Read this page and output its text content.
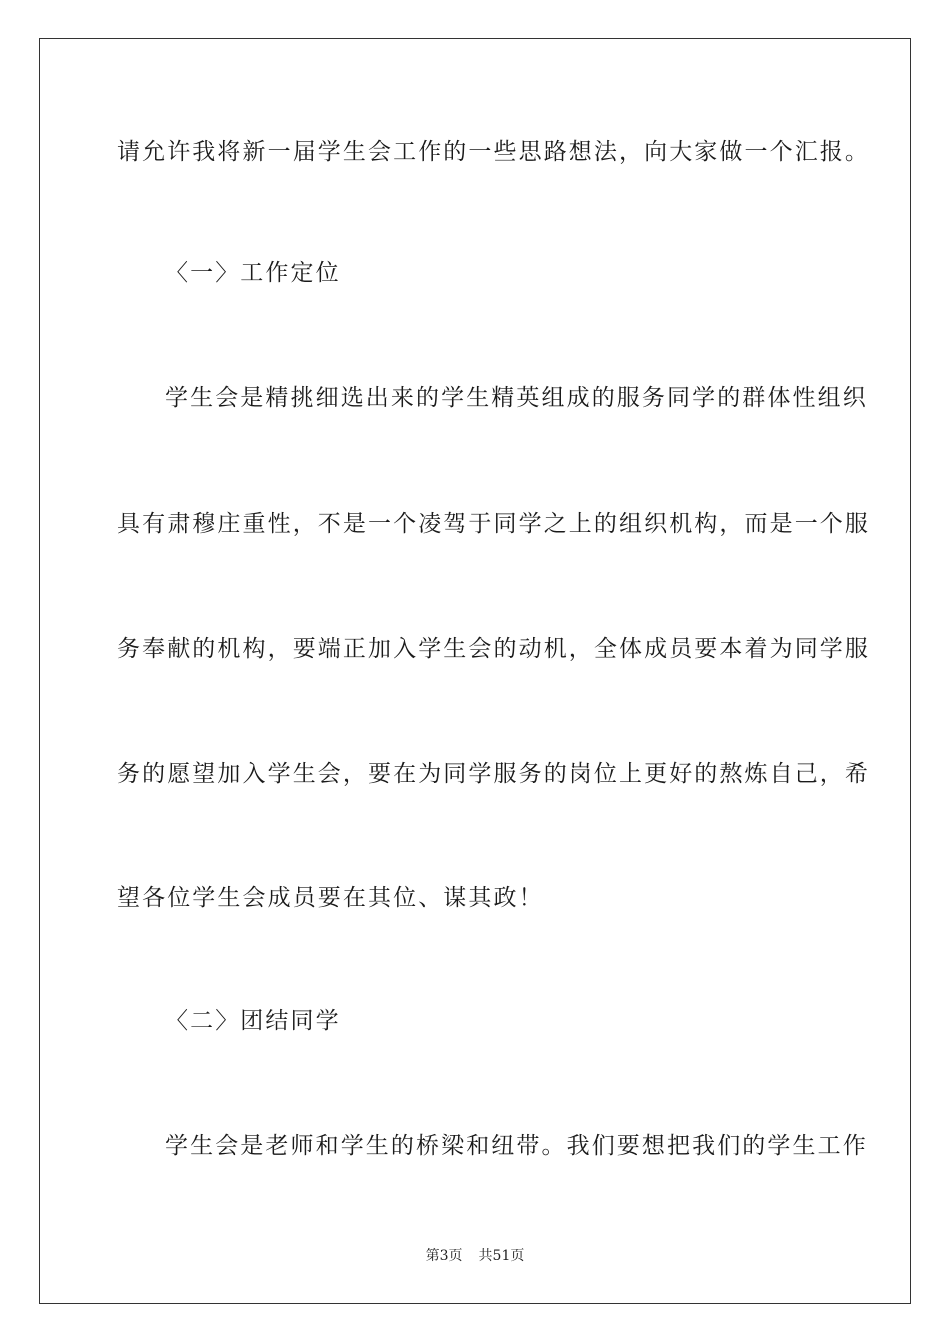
请允许我将新一届学生会工作的一些思路想法，向大家做一个汇报。
〈一〉工作定位
学生会是精挑细选出来的学生精英组成的服务同学的群体性组织
具有肃穆庄重性，不是一个凌驾于同学之上的组织机构，而是一个服
务奉献的机构，要端正加入学生会的动机，全体成员要本着为同学服
务的愿望加入学生会，要在为同学服务的岗位上更好的熬炼自己，希
望各位学生会成员要在其位、谋其政！
〈二〉团结同学
学生会是老师和学生的桥梁和纽带。我们要想把我们的学生工作
第3页 共51页
